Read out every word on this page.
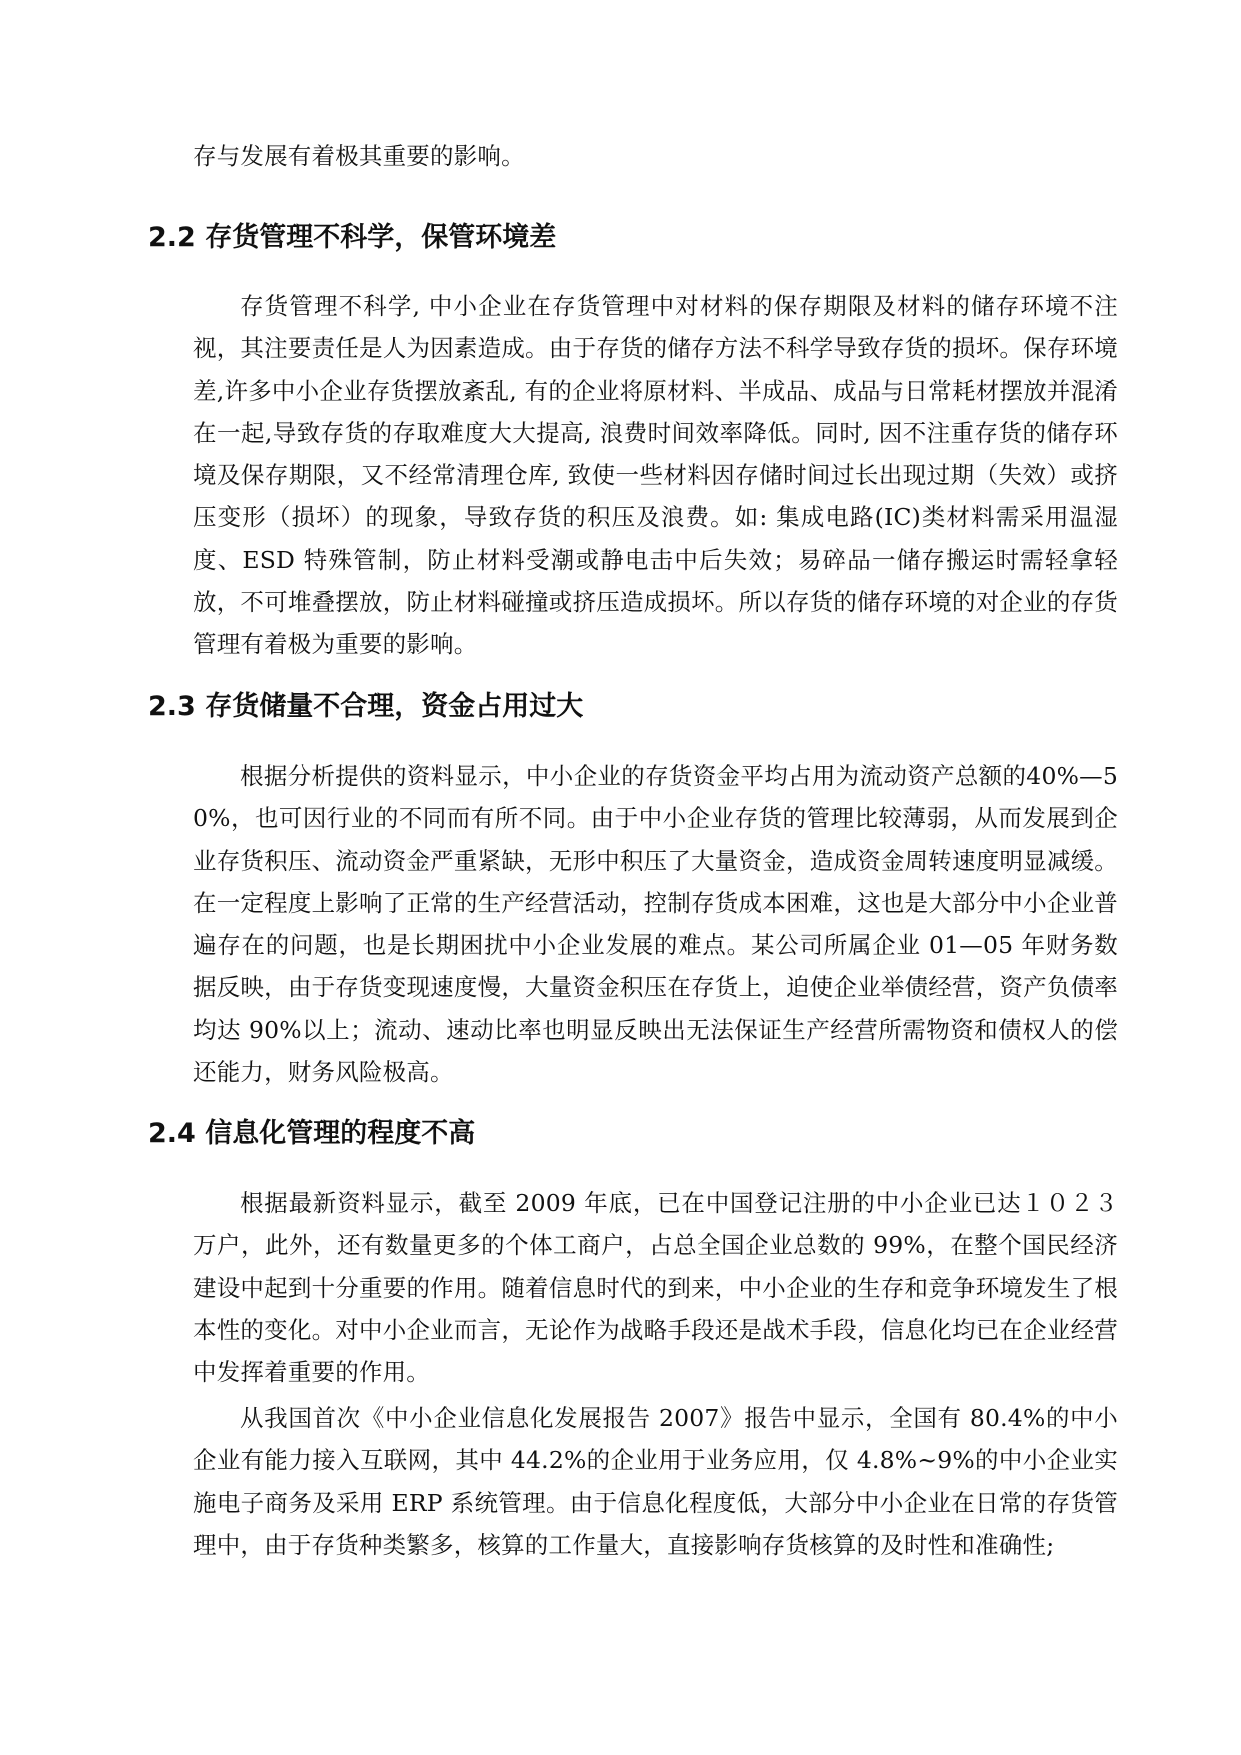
存与发展有着极其重要的影响。

2.2 存货管理不科学，保管环境差

存货管理不科学, 中小企业在存货管理中对材料的保存期限及材料的储存环境不注视，其注要责任是人为因素造成。由于存货的储存方法不科学导致存货的损坏。保存环境差,许多中小企业存货摆放紊乱, 有的企业将原材料、半成品、成品与日常耗材摆放并混淆在一起,导致存货的存取难度大大提高, 浪费时间效率降低。同时, 因不注重存货的储存环境及保存期限，又不经常清理仓库, 致使一些材料因存储时间过长出现过期（失效）或挤压变形（损坏）的现象，导致存货的积压及浪费。如: 集成电路(IC)类材料需采用温湿度、ESD 特殊管制，防止材料受潮或静电击中后失效；易碎品一储存搬运时需轻拿轻放，不可堆叠摆放，防止材料碰撞或挤压造成损坏。所以存货的储存环境的对企业的存货管理有着极为重要的影响。

2.3 存货储量不合理，资金占用过大

根据分析提供的资料显示，中小企业的存货资金平均占用为流动资产总额的40%—50%，也可因行业的不同而有所不同。由于中小企业存货的管理比较薄弱，从而发展到企业存货积压、流动资金严重紧缺，无形中积压了大量资金，造成资金周转速度明显减缓。在一定程度上影响了正常的生产经营活动，控制存货成本困难，这也是大部分中小企业普遍存在的问题，也是长期困扰中小企业发展的难点。某公司所属企业 01—05 年财务数据反映，由于存货变现速度慢，大量资金积压在存货上，迫使企业举债经营，资产负债率均达 90%以上；流动、速动比率也明显反映出无法保证生产经营所需物资和债权人的偿还能力，财务风险极高。

2.4 信息化管理的程度不高

根据最新资料显示，截至 2009 年底，已在中国登记注册的中小企业已达１０２３万户，此外，还有数量更多的个体工商户，占总全国企业总数的 99%，在整个国民经济建设中起到十分重要的作用。随着信息时代的到来，中小企业的生存和竞争环境发生了根本性的变化。对中小企业而言，无论作为战略手段还是战术手段，信息化均已在企业经营中发挥着重要的作用。

从我国首次《中小企业信息化发展报告 2007》报告中显示，全国有 80.4%的中小企业有能力接入互联网，其中 44.2%的企业用于业务应用，仅 4.8%~9%的中小企业实施电子商务及采用 ERP 系统管理。由于信息化程度低，大部分中小企业在日常的存货管理中，由于存货种类繁多，核算的工作量大，直接影响存货核算的及时性和准确性;
